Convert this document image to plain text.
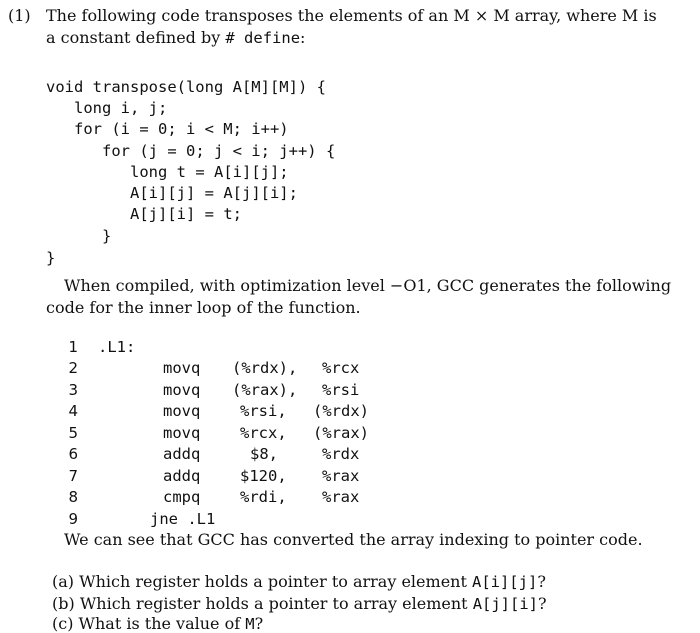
(1) The following code transposes the elements of an M × M array, where M is
a constant defined by # define:
void transpose(long A[M][M]) {
long i, j;
for (i = 0; i < M; i++)
for (j = 0; j < i; j++) {
long t = A[i][j];
A[i][j] = A[j][i];
A[j][i] = t;
}
}
When compiled, with optimization level −O1, GCC generates the following
code for the inner loop of the function.
1 .L1:
2	movq (%rdx), %rcx
3	movq (%rax), %rsi
4	movq	%rsi, (%rdx)
5	movq	%rcx, (%rax)
6	addq	$8,	%rdx
7	addq	$120, %rax
8	cmpq	%rdi, %rax
9	jne .L1
We can see that GCC has converted the array indexing to pointer code.
(a) Which register holds a pointer to array element A[i][j]?
(b) Which register holds a pointer to array element A[j][i]?
(c) What is the value of M?
